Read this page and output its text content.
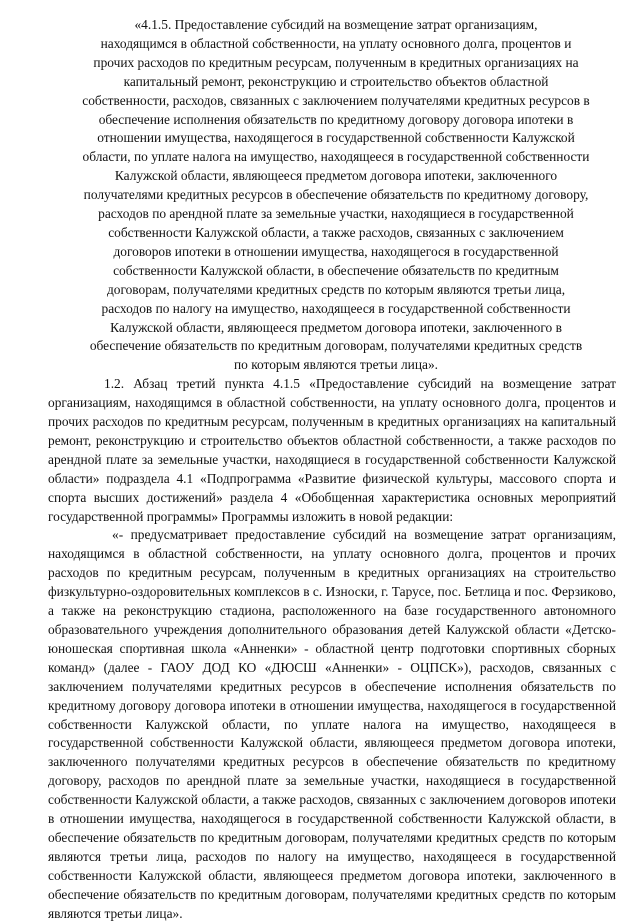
«4.1.5. Предоставление субсидий на возмещение затрат организациям,
находящимся в областной собственности, на уплату основного долга, процентов и
прочих расходов по кредитным ресурсам, полученным в кредитных организациях на
капитальный ремонт, реконструкцию и строительство объектов областной
собственности, расходов, связанных с заключением получателями кредитных ресурсов в
обеспечение исполнения обязательств по кредитному договору договора ипотеки в
отношении имущества, находящегося в государственной собственности Калужской
области, по уплате налога на имущество, находящееся в государственной собственности
Калужской области, являющееся предметом договора ипотеки, заключенного
получателями кредитных ресурсов в обеспечение обязательств по кредитному договору,
расходов по арендной плате за земельные участки, находящиеся в государственной
собственности Калужской области, а также расходов, связанных с заключением
договоров ипотеки в отношении имущества, находящегося в государственной
собственности Калужской области, в обеспечение обязательств по кредитным
договорам, получателями кредитных средств по которым являются третьи лица,
расходов по налогу на имущество, находящееся в государственной собственности
Калужской области, являющееся предметом договора ипотеки, заключенного в
обеспечение обязательств по кредитным договорам, получателями кредитных средств
по которым являются третьи лица».

1.2. Абзац третий пункта 4.1.5 «Предоставление субсидий на возмещение затрат организациям, находящимся в областной собственности, на уплату основного долга, процентов и прочих расходов по кредитным ресурсам, полученным в кредитных организациях на капитальный ремонт, реконструкцию и строительство объектов областной собственности, а также расходов по арендной плате за земельные участки, находящиеся в государственной собственности Калужской области» подраздела 4.1 «Подпрограмма «Развитие физической культуры, массового спорта и спорта высших достижений» раздела 4 «Обобщенная характеристика основных мероприятий государственной программы» Программы изложить в новой редакции:

«- предусматривает предоставление субсидий на возмещение затрат организациям, находящимся в областной собственности, на уплату основного долга, процентов и прочих расходов по кредитным ресурсам, полученным в кредитных организациях на строительство физкультурно-оздоровительных комплексов в с. Износки, г. Тарусе, пос. Бетлица и пос. Ферзиково, а также на реконструкцию стадиона, расположенного на базе государственного автономного образовательного учреждения дополнительного образования детей Калужской области «Детско-юношеская спортивная школа «Анненки» - областной центр подготовки спортивных сборных команд» (далее - ГАОУ ДОД КО «ДЮСШ «Анненки» - ОЦПСК»), расходов, связанных с заключением получателями кредитных ресурсов в обеспечение исполнения обязательств по кредитному договору договора ипотеки в отношении имущества, находящегося в государственной собственности Калужской области, по уплате налога на имущество, находящееся в государственной собственности Калужской области, являющееся предметом договора ипотеки, заключенного получателями кредитных ресурсов в обеспечение обязательств по кредитному договору, расходов по арендной плате за земельные участки, находящиеся в государственной собственности Калужской области, а также расходов, связанных с заключением договоров ипотеки в отношении имущества, находящегося в государственной собственности Калужской области, в обеспечение обязательств по кредитным договорам, получателями кредитных средств по которым являются третьи лица, расходов по налогу на имущество, находящееся в государственной собственности Калужской области, являющееся предметом договора ипотеки, заключенного в обеспечение обязательств по кредитным договорам, получателями кредитных средств по которым являются третьи лица».
